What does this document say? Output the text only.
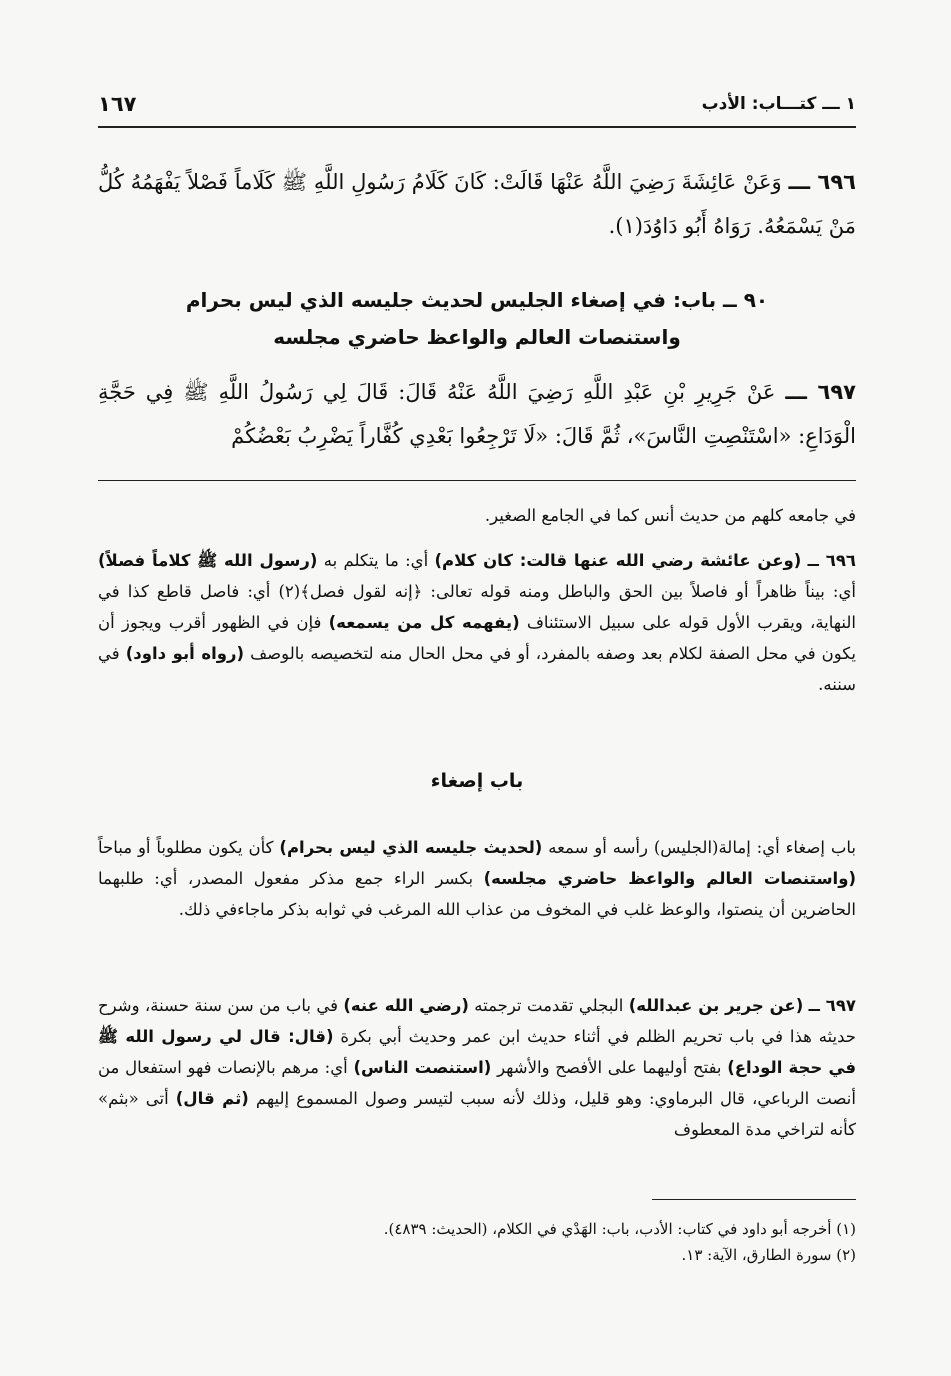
١ ـــ كتـــاب: الأدب
١٦٧
٦٩٦ ـــ وَعَنْ عَائِشَةَ رَضِيَ اللَّهُ عَنْهَا قَالَتْ: كَانَ كَلَامُ رَسُولِ اللَّهِ ﷺ كَلَاماً فَصْلاً يَفْهَمُهُ كُلُّ مَنْ يَسْمَعُهُ. رَوَاهُ أَبُو دَاوُدَ(١).
٩٠ ــ باب: في إصغاء الجليس لحديث جليسه الذي ليس بحرام
واستنصات العالم والواعظ حاضري مجلسه
٦٩٧ ـــ عَنْ جَرِيرِ بْنِ عَبْدِ اللَّهِ رَضِيَ اللَّهُ عَنْهُ قَالَ: قَالَ لِي رَسُولُ اللَّهِ ﷺ فِي حَجَّةِ الْوَدَاعِ: «اسْتَنْصِتِ النَّاسَ»، ثُمَّ قَالَ: «لَا تَرْجِعُوا بَعْدِي كُفَّاراً يَضْرِبُ بَعْضُكُمْ
في جامعه كلهم من حديث أنس كما في الجامع الصغير.
٦٩٦ ــ (وعن عائشة رضي الله عنها قالت: كان كلام) أي: ما يتكلم به (رسول الله ﷺ كلاماً فصلاً) أي: بيناً ظاهراً أو فاصلاً بين الحق والباطل ومنه قوله تعالى: ﴿إنه لقول فصل﴾(٢) أي: فاصل قاطع كذا في النهاية، ويقرب الأول قوله على سبيل الاستئناف (يفهمه كل من يسمعه) فإن في الظهور أقرب ويجوز أن يكون في محل الصفة لكلام بعد وصفه بالمفرد، أو في محل الحال منه لتخصيصه بالوصف (رواه أبو داود) في سننه.
باب إصغاء
باب إصغاء أي: إمالة(الجليس) رأسه أو سمعه (لحديث جليسه الذي ليس بحرام) كأن يكون مطلوباً أو مباحاً (واستنصات العالم والواعظ حاضري مجلسه) بكسر الراء جمع مذكر مفعول المصدر، أي: طلبهما الحاضرين أن ينصتوا، والوعظ غلب في المخوف من عذاب الله المرغب في ثوابه بذكر ماجاءفي ذلك.
٦٩٧ ــ (عن جرير بن عبدالله) البجلي تقدمت ترجمته (رضي الله عنه) في باب من سن سنة حسنة، وشرح حديثه هذا في باب تحريم الظلم في أثناء حديث ابن عمر وحديث أبي بكرة (قال: قال لي رسول الله ﷺ في حجة الوداع) بفتح أوليهما على الأفصح والأشهر (استنصت الناس) أي: مرهم بالإنصات فهو استفعال من أنصت الرباعي، قال البرماوي: وهو قليل، وذلك لأنه سبب لتيسر وصول المسموع إليهم (ثم قال) أتى «بثم» كأنه لتراخي مدة المعطوف
(١) أخرجه أبو داود في كتاب: الأدب، باب: الهَدْي في الكلام، (الحديث: ٤٨٣٩).
(٢) سورة الطارق، الآية: ١٣.
